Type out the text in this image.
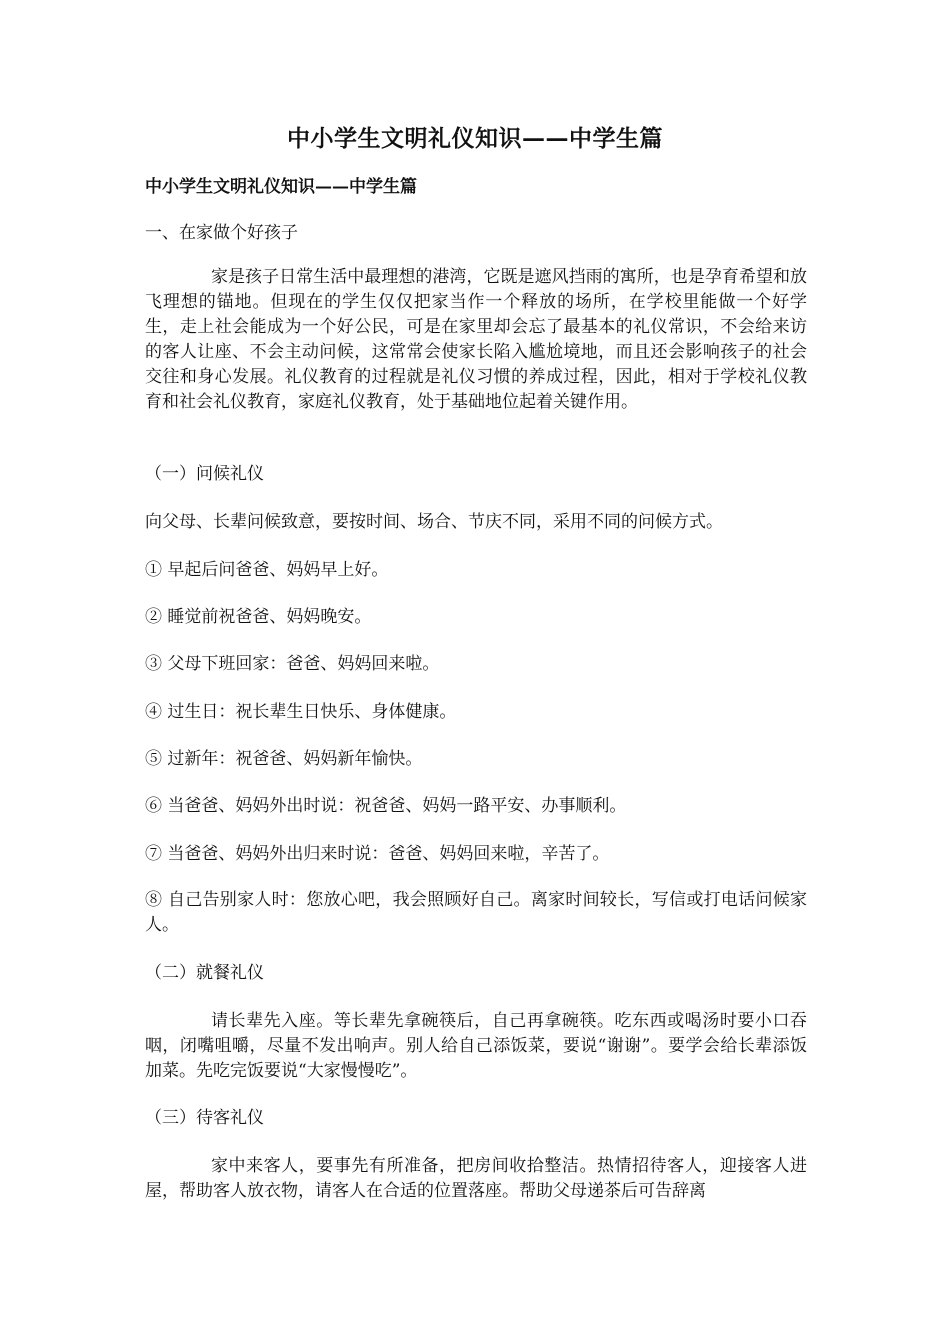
中小学生文明礼仪知识——中学生篇
中小学生文明礼仪知识——中学生篇
一、在家做个好孩子
家是孩子日常生活中最理想的港湾，它既是遮风挡雨的寓所，也是孕育希望和放飞理想的锚地。但现在的学生仅仅把家当作一个释放的场所，在学校里能做一个好学生，走上社会能成为一个好公民，可是在家里却会忘了最基本的礼仪常识，不会给来访的客人让座、不会主动问候，这常常会使家长陷入尴尬境地，而且还会影响孩子的社会交往和身心发展。礼仪教育的过程就是礼仪习惯的养成过程，因此，相对于学校礼仪教育和社会礼仪教育，家庭礼仪教育，处于基础地位起着关键作用。
（一）问候礼仪
向父母、长辈问候致意，要按时间、场合、节庆不同，采用不同的问候方式。
① 早起后问爸爸、妈妈早上好。
② 睡觉前祝爸爸、妈妈晚安。
③ 父母下班回家：爸爸、妈妈回来啦。
④ 过生日：祝长辈生日快乐、身体健康。
⑤ 过新年：祝爸爸、妈妈新年愉快。
⑥ 当爸爸、妈妈外出时说：祝爸爸、妈妈一路平安、办事顺利。
⑦ 当爸爸、妈妈外出归来时说：爸爸、妈妈回来啦，辛苦了。
⑧ 自己告别家人时：您放心吧，我会照顾好自己。离家时间较长，写信或打电话问候家人。
（二）就餐礼仪
请长辈先入座。等长辈先拿碗筷后，自己再拿碗筷。吃东西或喝汤时要小口吞咽，闭嘴咀嚼，尽量不发出响声。别人给自己添饭菜，要说“谢谢”。要学会给长辈添饭加菜。先吃完饭要说“大家慢慢吃”。
（三）待客礼仪
家中来客人，要事先有所准备，把房间收拾整洁。热情招待客人，迎接客人进屋，帮助客人放衣物，请客人在合适的位置落座。帮助父母递茶后可告辞离
